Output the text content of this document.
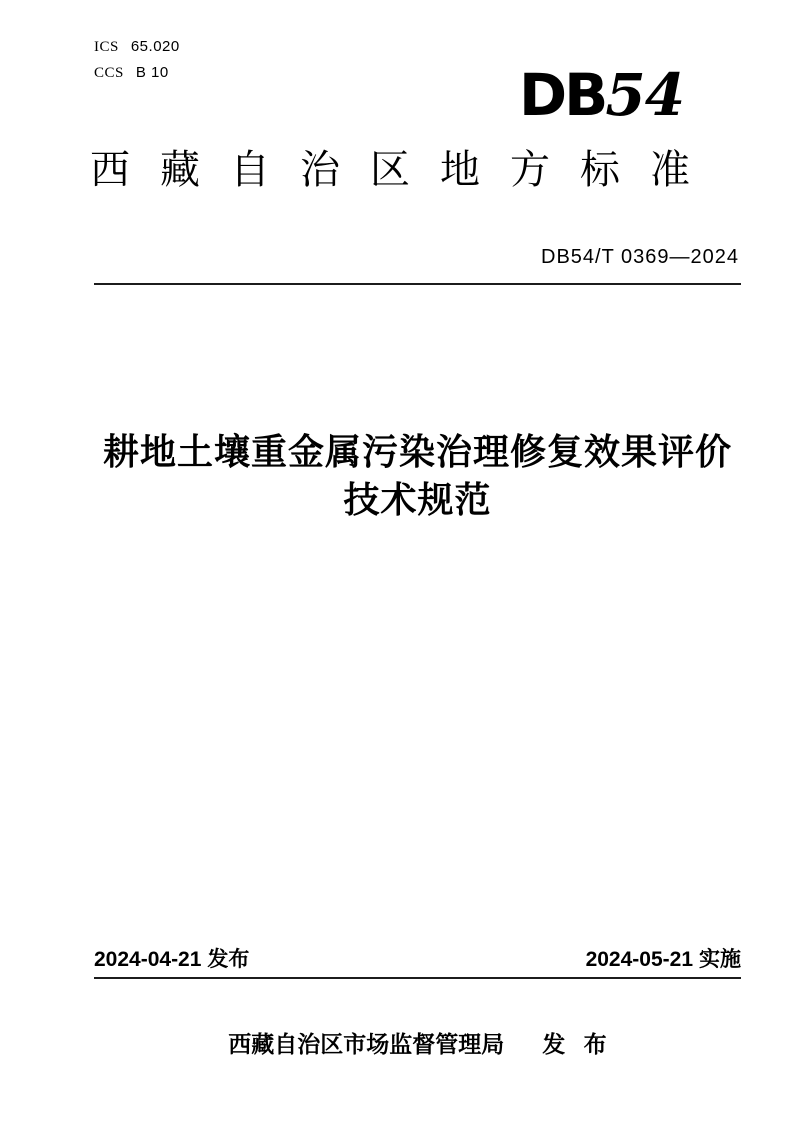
ICS 65.020
CCS B 10	DB54
西藏自治区地方标准
DB54/T 0369—2024
耕地土壤重金属污染治理修复效果评价
技术规范
2024-04-21 发布	2024-05-21 实施
西藏自治区市场监督管理局 发 布
